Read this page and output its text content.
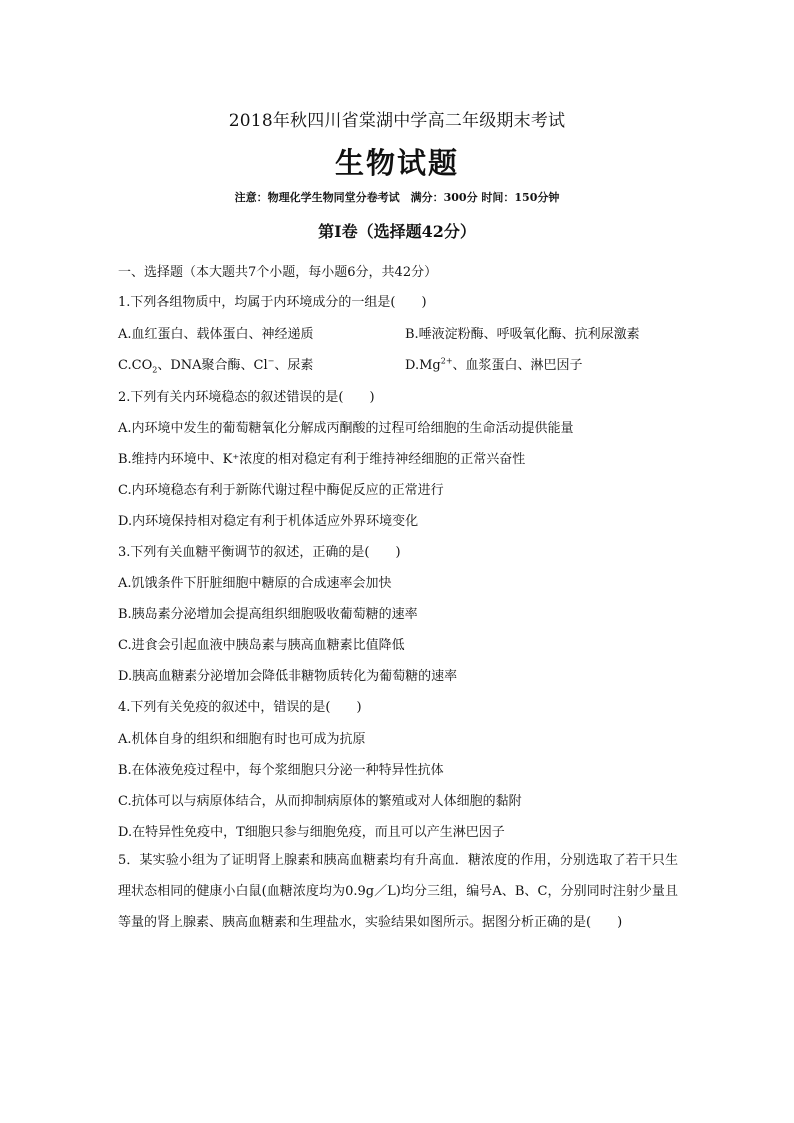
2018年秋四川省棠湖中学高二年级期末考试
生物试题
注意：物理化学生物同堂分卷考试　满分：300分 时间：150分钟
第Ⅰ卷（选择题42分）
一、选择题（本大题共7个小题，每小题6分，共42分）
1.下列各组物质中，均属于内环境成分的一组是(　　)
A.血红蛋白、载体蛋白、神经递质	B.唾液淀粉酶、呼吸氧化酶、抗利尿激素
$C.CO_2$、DNA聚合酶、Cl−、尿素	$D.Mg^{2+}$、血浆蛋白、淋巴因子
2.下列有关内环境稳态的叙述错误的是(　　)
A.内环境中发生的葡萄糖氧化分解成丙酮酸的过程可给细胞的生命活动提供能量
B.维持内环境中、K⁺浓度的相对稳定有利于维持神经细胞的正常兴奋性
C.内环境稳态有利于新陈代谢过程中酶促反应的正常进行
D.内环境保持相对稳定有利于机体适应外界环境变化
3.下列有关血糖平衡调节的叙述，正确的是(　　)
A.饥饿条件下肝脏细胞中糖原的合成速率会加快
B.胰岛素分泌增加会提高组织细胞吸收葡萄糖的速率
C.进食会引起血液中胰岛素与胰高血糖素比值降低
D.胰高血糖素分泌增加会降低非糖物质转化为葡萄糖的速率
4.下列有关免疫的叙述中，错误的是(　　)
A.机体自身的组织和细胞有时也可成为抗原
B.在体液免疫过程中，每个浆细胞只分泌一种特异性抗体
C.抗体可以与病原体结合，从而抑制病原体的繁殖或对人体细胞的黏附
D.在特异性免疫中，T细胞只参与细胞免疫，而且可以产生淋巴因子
5．某实验小组为了证明肾上腺素和胰高血糖素均有升高血．糖浓度的作用，分别选取了若干只生理状态相同的健康小白鼠(血糖浓度均为0.9g／L)均分三组，编号A、B、C，分别同时注射少量且等量的肾上腺素、胰高血糖素和生理盐水，实验结果如图所示。据图分析正确的是(　　)
